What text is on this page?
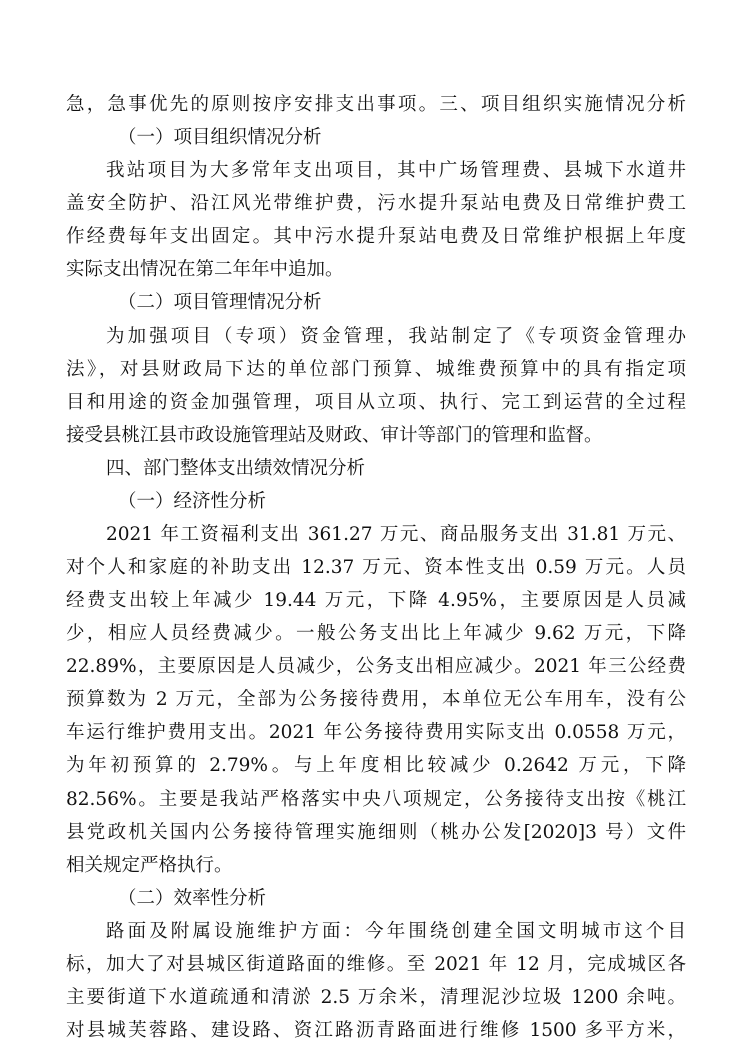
急，急事优先的原则按序安排支出事项。三、项目组织实施情况分析
（一）项目组织情况分析
我站项目为大多常年支出项目，其中广场管理费、县城下水道井
盖安全防护、沿江风光带维护费，污水提升泵站电费及日常维护费工
作经费每年支出固定。其中污水提升泵站电费及日常维护根据上年度
实际支出情况在第二年年中追加。
（二）项目管理情况分析
为加强项目（专项）资金管理，我站制定了《专项资金管理办
法》，对县财政局下达的单位部门预算、城维费预算中的具有指定项
目和用途的资金加强管理，项目从立项、执行、完工到运营的全过程
接受县桃江县市政设施管理站及财政、审计等部门的管理和监督。
四、部门整体支出绩效情况分析
（一）经济性分析
2021 年工资福利支出 361.27 万元、商品服务支出 31.81 万元、
对个人和家庭的补助支出 12.37 万元、资本性支出 0.59 万元。人员
经费支出较上年减少 19.44 万元，下降 4.95%，主要原因是人员减
少，相应人员经费减少。一般公务支出比上年减少 9.62 万元，下降
22.89%，主要原因是人员减少，公务支出相应减少。2021 年三公经费
预算数为 2 万元，全部为公务接待费用，本单位无公车用车，没有公
车运行维护费用支出。2021 年公务接待费用实际支出 0.0558 万元，
为年初预算的 2.79%。与上年度相比较减少 0.2642 万元，下降
82.56%。主要是我站严格落实中央八项规定，公务接待支出按《桃江
县党政机关国内公务接待管理实施细则（桃办公发[2020]3 号）文件
相关规定严格执行。
（二）效率性分析
路面及附属设施维护方面：今年围绕创建全国文明城市这个目
标，加大了对县城区街道路面的维修。至 2021 年 12 月，完成城区各
主要街道下水道疏通和清淤 2.5 万余米，清理泥沙垃圾 1200 余吨。
对县城芙蓉路、建设路、资江路沥青路面进行维修 1500 多平方米，
